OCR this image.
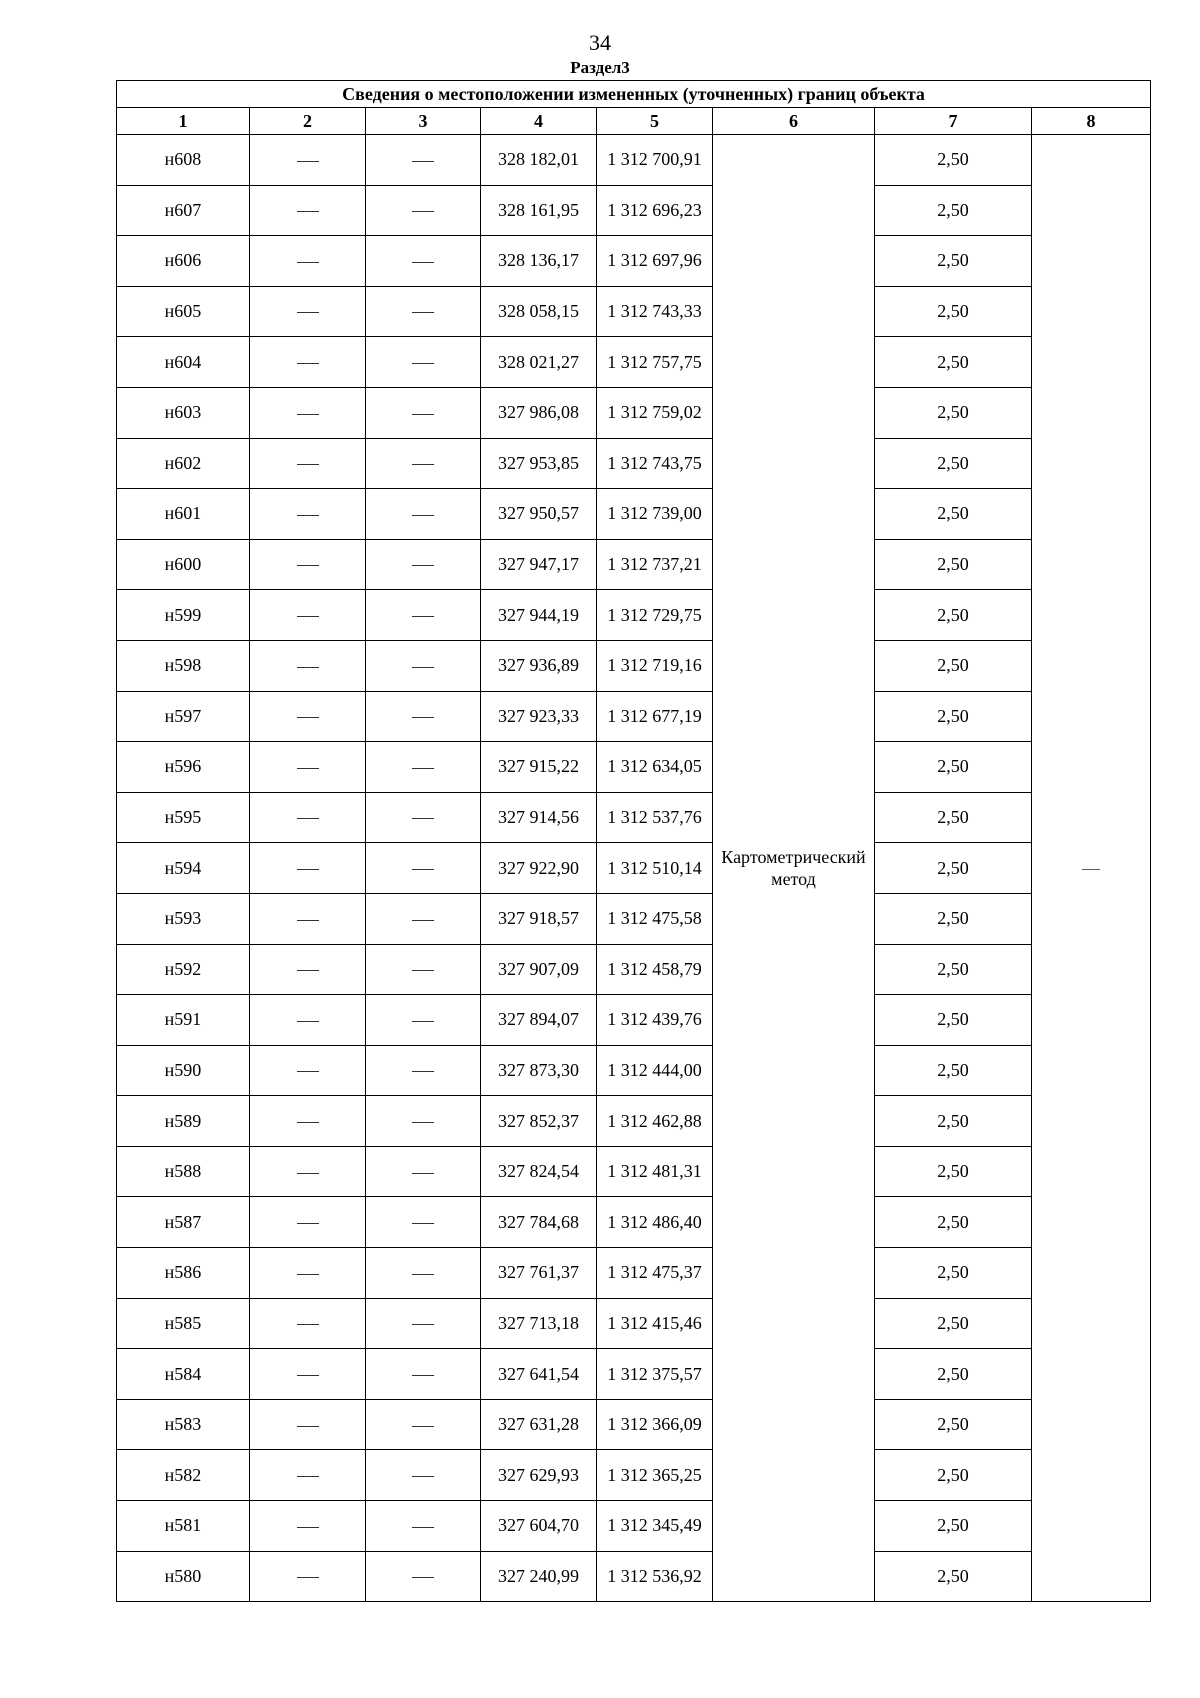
34
Раздел3
Сведения о местоположении измененных (уточненных) границ объекта							
1	2	3	4	5	6	7	8
н608			328 182,01	1 312 700,91	Картометрический метод	2,50	—
н607			328 161,95	1 312 696,23		2,50	
н606			328 136,17	1 312 697,96		2,50	
н605			328 058,15	1 312 743,33		2,50	
н604			328 021,27	1 312 757,75		2,50	
н603			327 986,08	1 312 759,02		2,50	
н602			327 953,85	1 312 743,75		2,50	
н601			327 950,57	1 312 739,00		2,50	
н600			327 947,17	1 312 737,21		2,50	
н599			327 944,19	1 312 729,75		2,50	
н598			327 936,89	1 312 719,16		2,50	
н597			327 923,33	1 312 677,19		2,50	
н596			327 915,22	1 312 634,05		2,50	
н595			327 914,56	1 312 537,76		2,50	
н594			327 922,90	1 312 510,14		2,50	
н593			327 918,57	1 312 475,58		2,50	
н592			327 907,09	1 312 458,79		2,50	
н591			327 894,07	1 312 439,76		2,50	
н590			327 873,30	1 312 444,00		2,50	
н589			327 852,37	1 312 462,88		2,50	
н588			327 824,54	1 312 481,31		2,50	
н587			327 784,68	1 312 486,40		2,50	
н586			327 761,37	1 312 475,37		2,50	
н585			327 713,18	1 312 415,46		2,50	
н584			327 641,54	1 312 375,57		2,50	
н583			327 631,28	1 312 366,09		2,50	
н582			327 629,93	1 312 365,25		2,50	
н581			327 604,70	1 312 345,49		2,50	
н580			327 240,99	1 312 536,92		2,50	
